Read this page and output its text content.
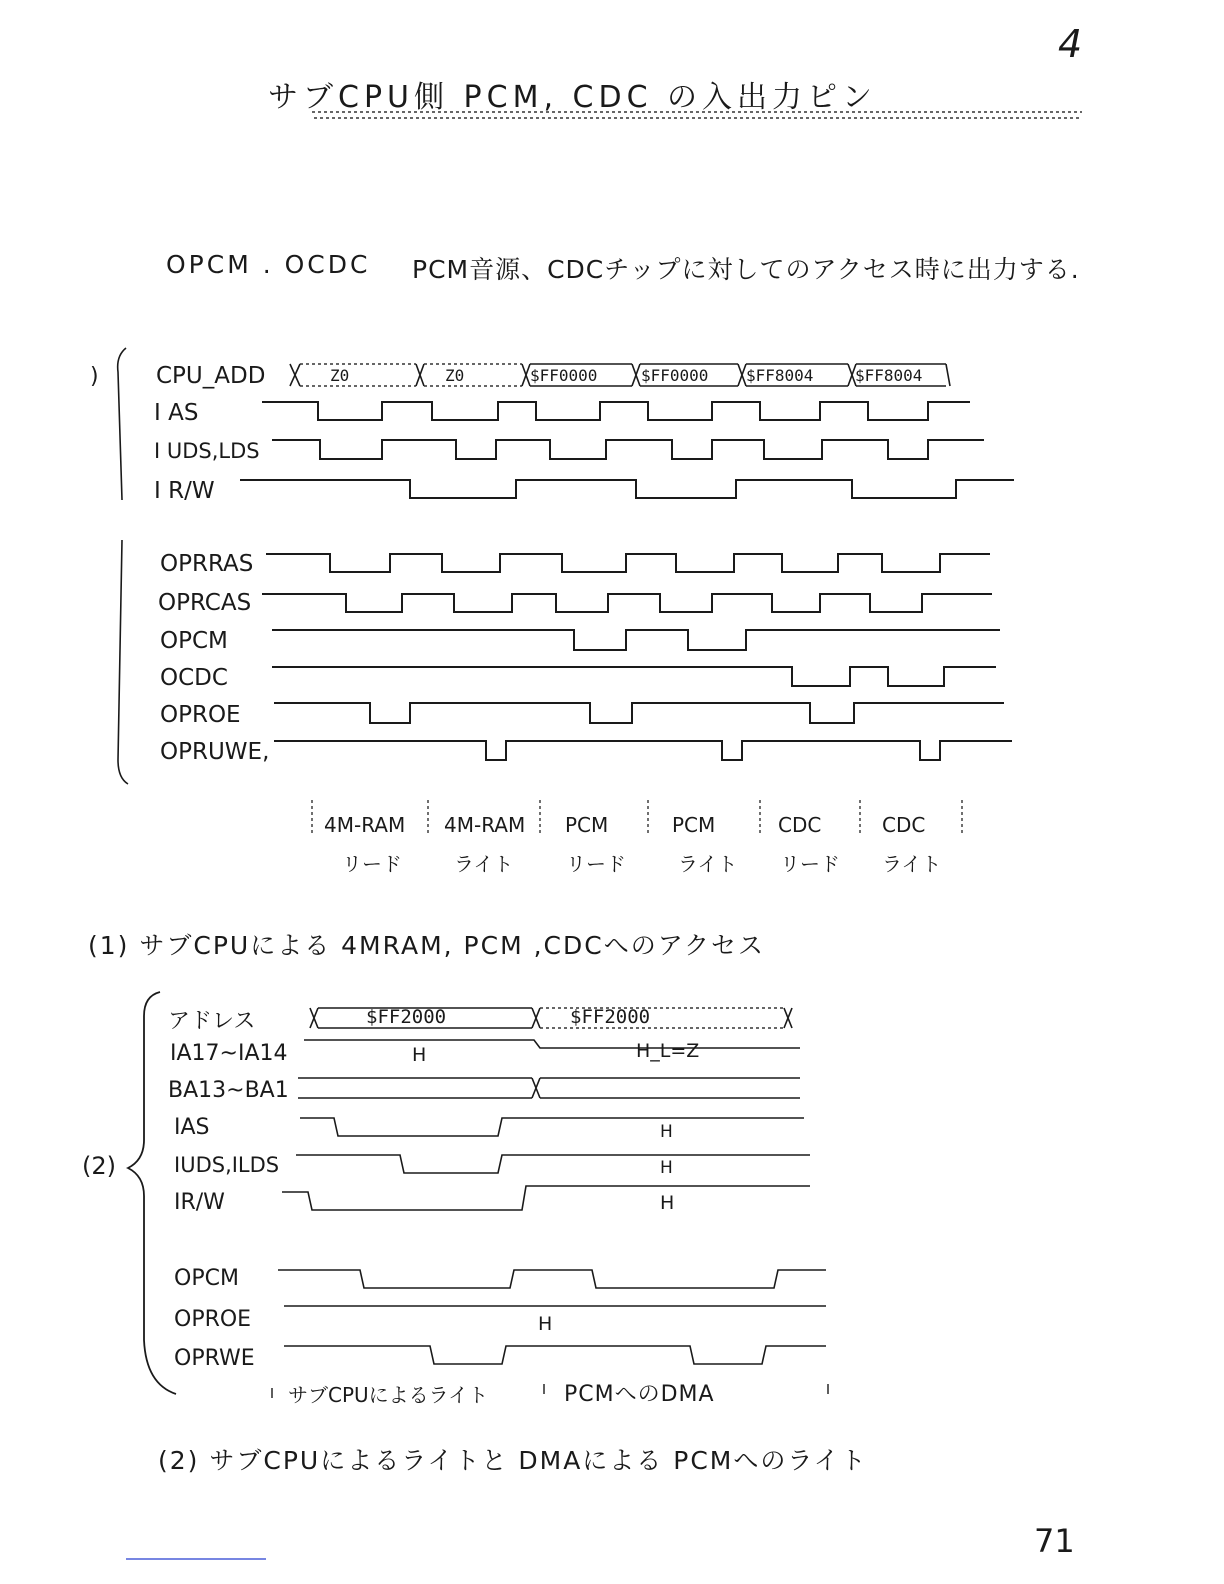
4
サブCPU側 PCM, CDC の入出力ピン
OPCM . OCDC PCM音源、CDCチップに対してのアクセス時に出力する.
) CPU_ADD
I AS
I UDS,LDS
I R/W
Z0	Z0	$FF0000	$FF0000 $FF8004	$FF8004
OPRRAS
OPRCAS
OPCM
OCDC
OPROE
OPRUWE,
4M-RAM
リード
4M-RAM
ライト
PCM
リード
PCM
ライト
CDC
リード
CDC
ライト
(1) サブCPUによる 4MRAM, PCM ,CDCへのアクセス
(2)
アドレス
IA17~IA14
BA13~BA1
IAS
IUDS,ILDS
IR/W
OPCM
OPROE
OPRWE
$FF2000	$FF2000
H	H_L=Z
H
H
H
H
サブCPUによるライト	PCMへのDMA
(2) サブCPUによるライトと DMAによる PCMへのライト
71
